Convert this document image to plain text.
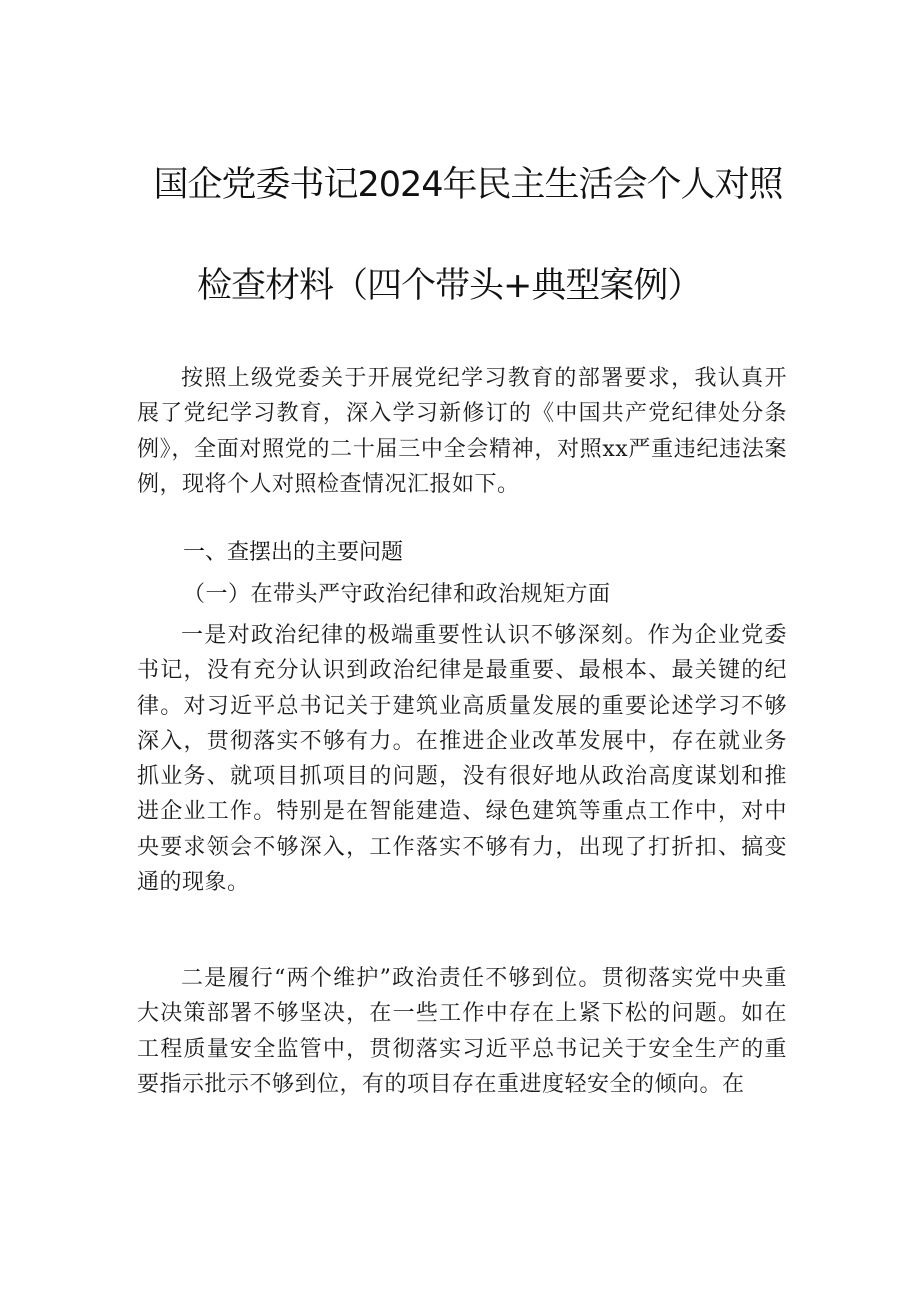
国企党委书记2024年民主生活会个人对照
检查材料（四个带头+典型案例）

按照上级党委关于开展党纪学习教育的部署要求，我认真开展了党纪学习教育，深入学习新修订的《中国共产党纪律处分条例》，全面对照党的二十届三中全会精神，对照xx严重违纪违法案例，现将个人对照检查情况汇报如下。

一、查摆出的主要问题
（一）在带头严守政治纪律和政治规矩方面

一是对政治纪律的极端重要性认识不够深刻。作为企业党委书记，没有充分认识到政治纪律是最重要、最根本、最关键的纪律。对习近平总书记关于建筑业高质量发展的重要论述学习不够深入，贯彻落实不够有力。在推进企业改革发展中，存在就业务抓业务、就项目抓项目的问题，没有很好地从政治高度谋划和推进企业工作。特别是在智能建造、绿色建筑等重点工作中，对中央要求领会不够深入，工作落实不够有力，出现了打折扣、搞变通的现象。

二是履行“两个维护”政治责任不够到位。贯彻落实党中央重大决策部署不够坚决，在一些工作中存在上紧下松的问题。如在工程质量安全监管中，贯彻落实习近平总书记关于安全生产的重要指示批示不够到位，有的项目存在重进度轻安全的倾向。在
